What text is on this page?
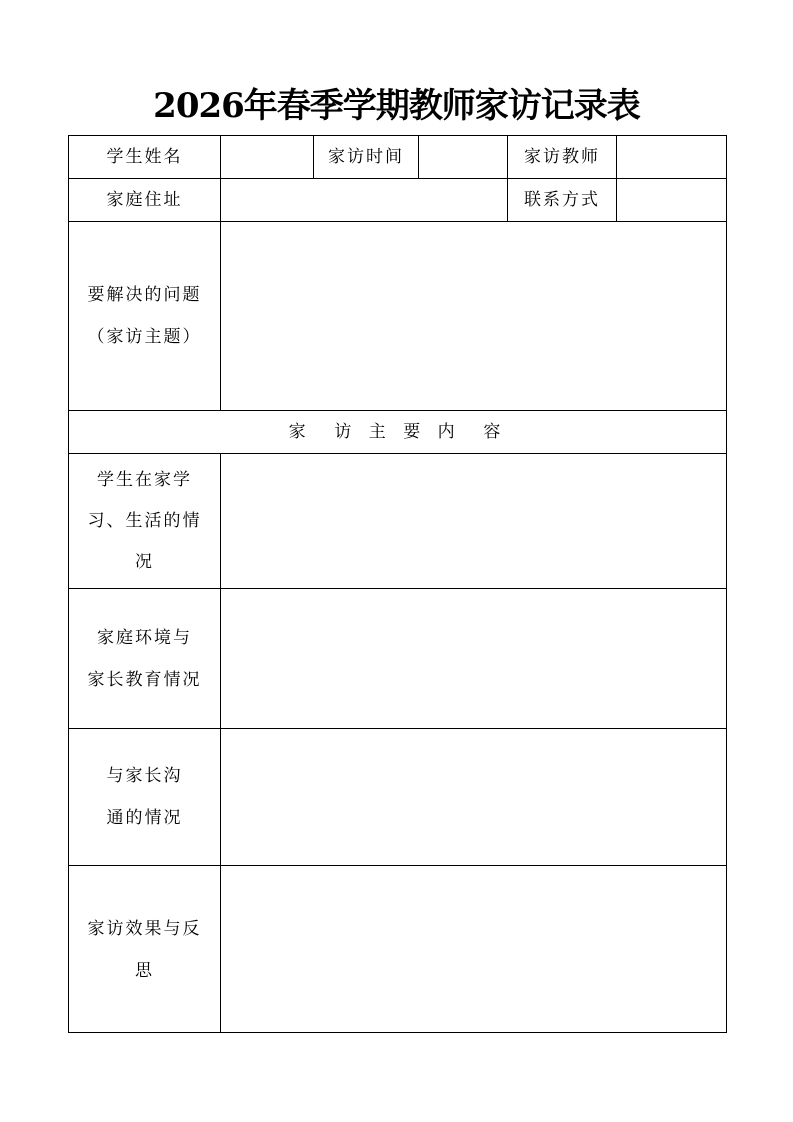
2026年春季学期教师家访记录表
学生姓名		家访时间		家访教师	
家庭住址				联系方式	
要解决的问题 （家访主题）					
家  访 主 要 内  容					
学生在家学 习、生活的情况					
家庭环境与 家长教育情况					
与家长沟 通的情况					
家访效果与反 思					
